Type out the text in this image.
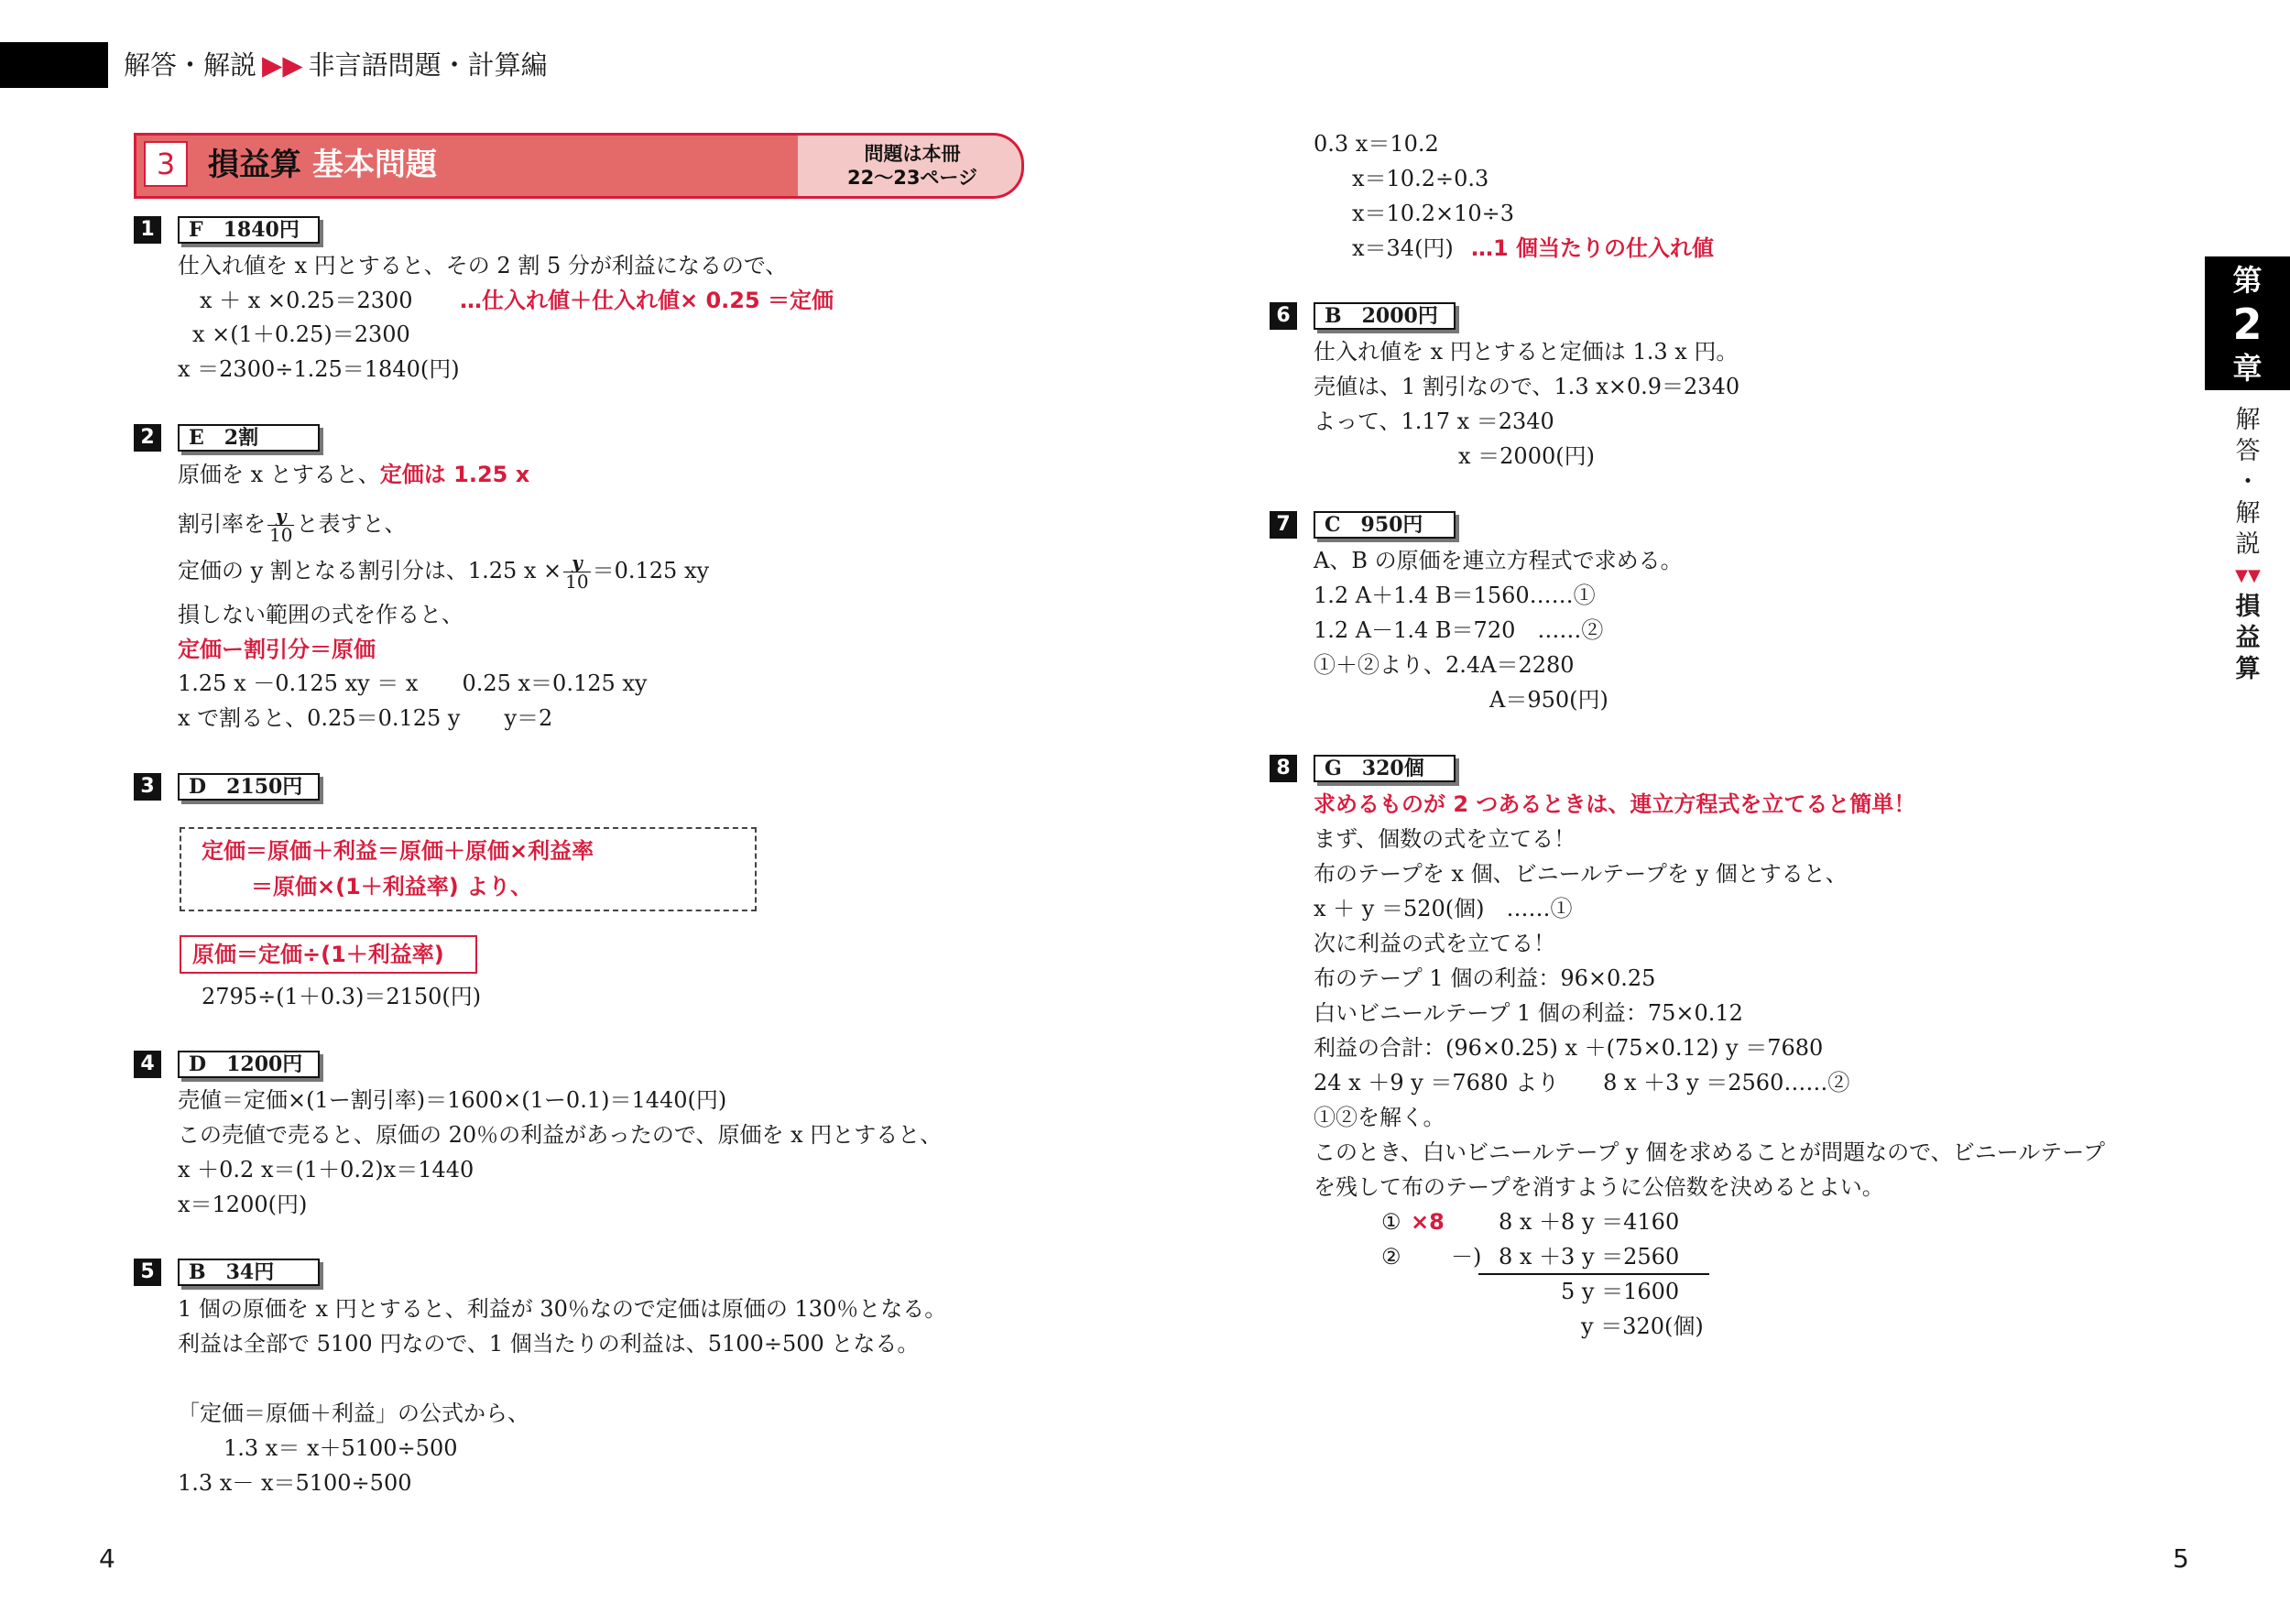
解答・解説 ▶▶ 非言語問題・計算編
3	損益算 基本問題	問題は本冊
22〜23ページ
1	F　1840円
仕入れ値を x 円とすると、その 2 割 5 分が利益になるので、
x ＋ x ×0.25＝2300 …仕入れ値＋仕入れ値× 0.25 ＝定価
x ×(1＋0.25)＝2300
x ＝2300÷1.25＝1840(円)
2	E　2割
原価を x とすると、定価は 1.25 x
割引率を $\frac{y}{10}$ と表すと、
定価の y 割となる割引分は、1.25 $x \times \frac{y}{10} =0.125$ xy
損しない範囲の式を作ると、
定価ー割引分＝原価
1.25 x －0.125 xy ＝ x　　0.25 x＝0.125 xy
x で割ると、0.25＝0.125 y　　y＝2
3	D　2150円
定価＝原価＋利益＝原価＋原価×利益率
＝原価×(1＋利益率) より、
原価＝定価÷(1＋利益率)
2795÷(1＋0.3)＝2150(円)
4	D　1200円
売値＝定価×(1ー割引率)＝1600×(1ー0.1)＝1440(円)
この売値で売ると、原価の 20％の利益があったので、原価を x 円とすると、
x ＋0.2 x＝(1＋0.2)x＝1440
x＝1200(円)
5	B　34円
1 個の原価を x 円とすると、利益が 30％なので定価は原価の 130％となる。
利益は全部で 5100 円なので、1 個当たりの利益は、5100÷500 となる。
「定価＝原価＋利益」の公式から、
1.3 x＝ x＋5100÷500
1.3 x－ x＝5100÷500
0.3 x＝10.2
x＝10.2÷0.3
x＝10.2×10÷3
x＝34(円) …1 個当たりの仕入れ値
6	B　2000円
仕入れ値を x 円とすると定価は 1.3 x 円。
売値は、1 割引なので、1.3 x×0.9＝2340
よって、1.17 x ＝2340
x ＝2000(円)
7	C　950円
A、B の原価を連立方程式で求める。
1.2 A＋1.4 B＝1560……①
1.2 A－1.4 B＝720　……②
①＋②より、2.4A＝2280
A＝950(円)
8	G　320個
求めるものが 2 つあるときは、連立方程式を立てると簡単！
まず、個数の式を立てる！
布のテープを x 個、ビニールテープを y 個とすると、
x ＋ y ＝520(個)　……①
次に利益の式を立てる！
布のテープ 1 個の利益：96×0.25
白いビニールテープ 1 個の利益：75×0.12
利益の合計：(96×0.25) x ＋(75×0.12) y ＝7680
24 x ＋9 y ＝7680 より　　8 x ＋3 y ＝2560……②
①②を解く。
このとき、白いビニールテープ y 個を求めることが問題なので、ビニールテープ
を残して布のテープを消すように公倍数を決めるとよい。
① ×8 8 x ＋8 y ＝4160
② －) 8 x ＋3 y ＝2560
5 y ＝1600
y ＝320(個)
第
2
章
解
答
・
解
説
▼▼
損
益
算
4	5
